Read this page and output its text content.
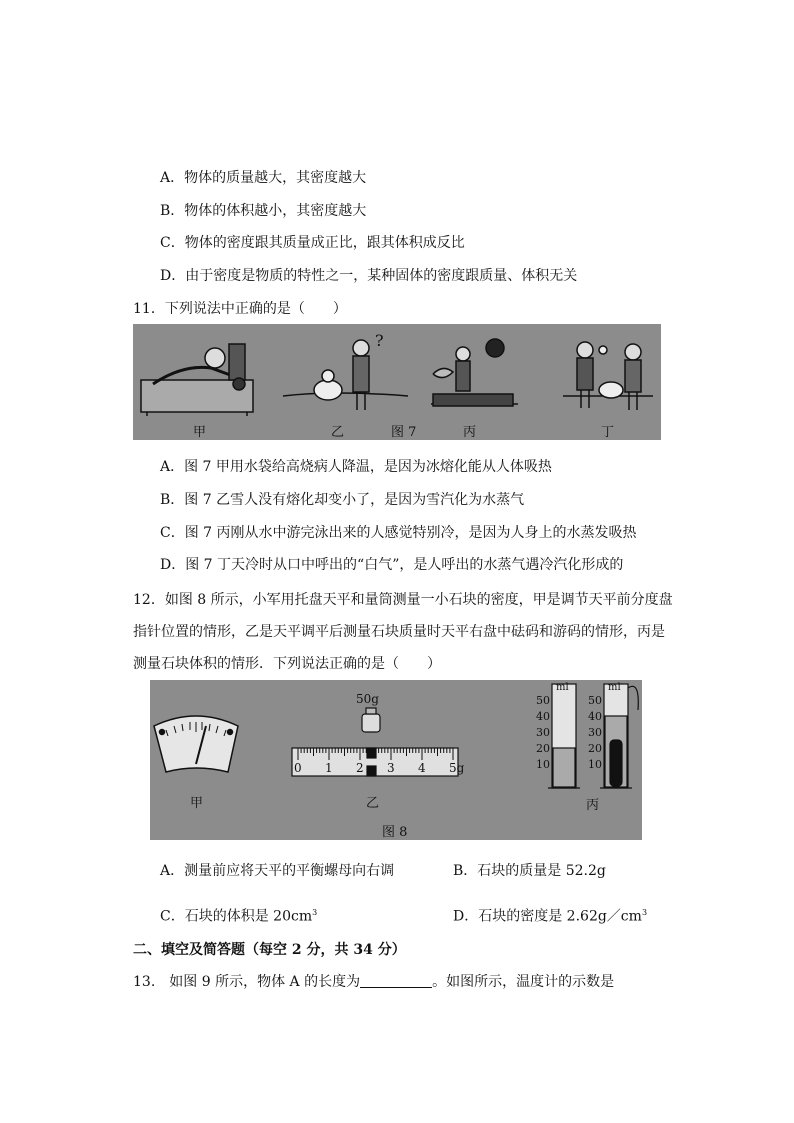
A．物体的质量越大，其密度越大
B．物体的体积越小，其密度越大
C．物体的密度跟其质量成正比，跟其体积成反比
D．由于密度是物质的特性之一，某种固体的密度跟质量、体积无关
11．下列说法中正确的是（　　）
?
甲	乙	图 7	丙	丁
A．图 7 甲用水袋给高烧病人降温，是因为冰熔化能从人体吸热
B．图 7 乙雪人没有熔化却变小了，是因为雪汽化为水蒸气
C．图 7 丙刚从水中游完泳出来的人感觉特别冷，是因为人身上的水蒸发吸热
D．图 7 丁天冷时从口中呼出的“白气”，是人呼出的水蒸气遇冷汽化形成的
12．如图 8 所示，小军用托盘天平和量筒测量一小石块的密度，甲是调节天平前分度盘
指针位置的情形，乙是天平调平后测量石块质量时天平右盘中砝码和游码的情形，丙是
测量石块体积的情形．下列说法正确的是（　　）
50g
0 1 2 3 4 5g
ml	ml
50	50
40	40
30	30
20	20
10	10
甲	乙	丙
图 8
A．测量前应将天平的平衡螺母向右调	B．石块的质量是 52.2g
C．石块的体积是 $20cm^3$	D．石块的密度是 $2.62g/cm^3$
二、填空及简答题（每空 2 分，共 34 分）
13.　如图 9 所示，物体 A 的长度为	。如图所示，温度计的示数是
